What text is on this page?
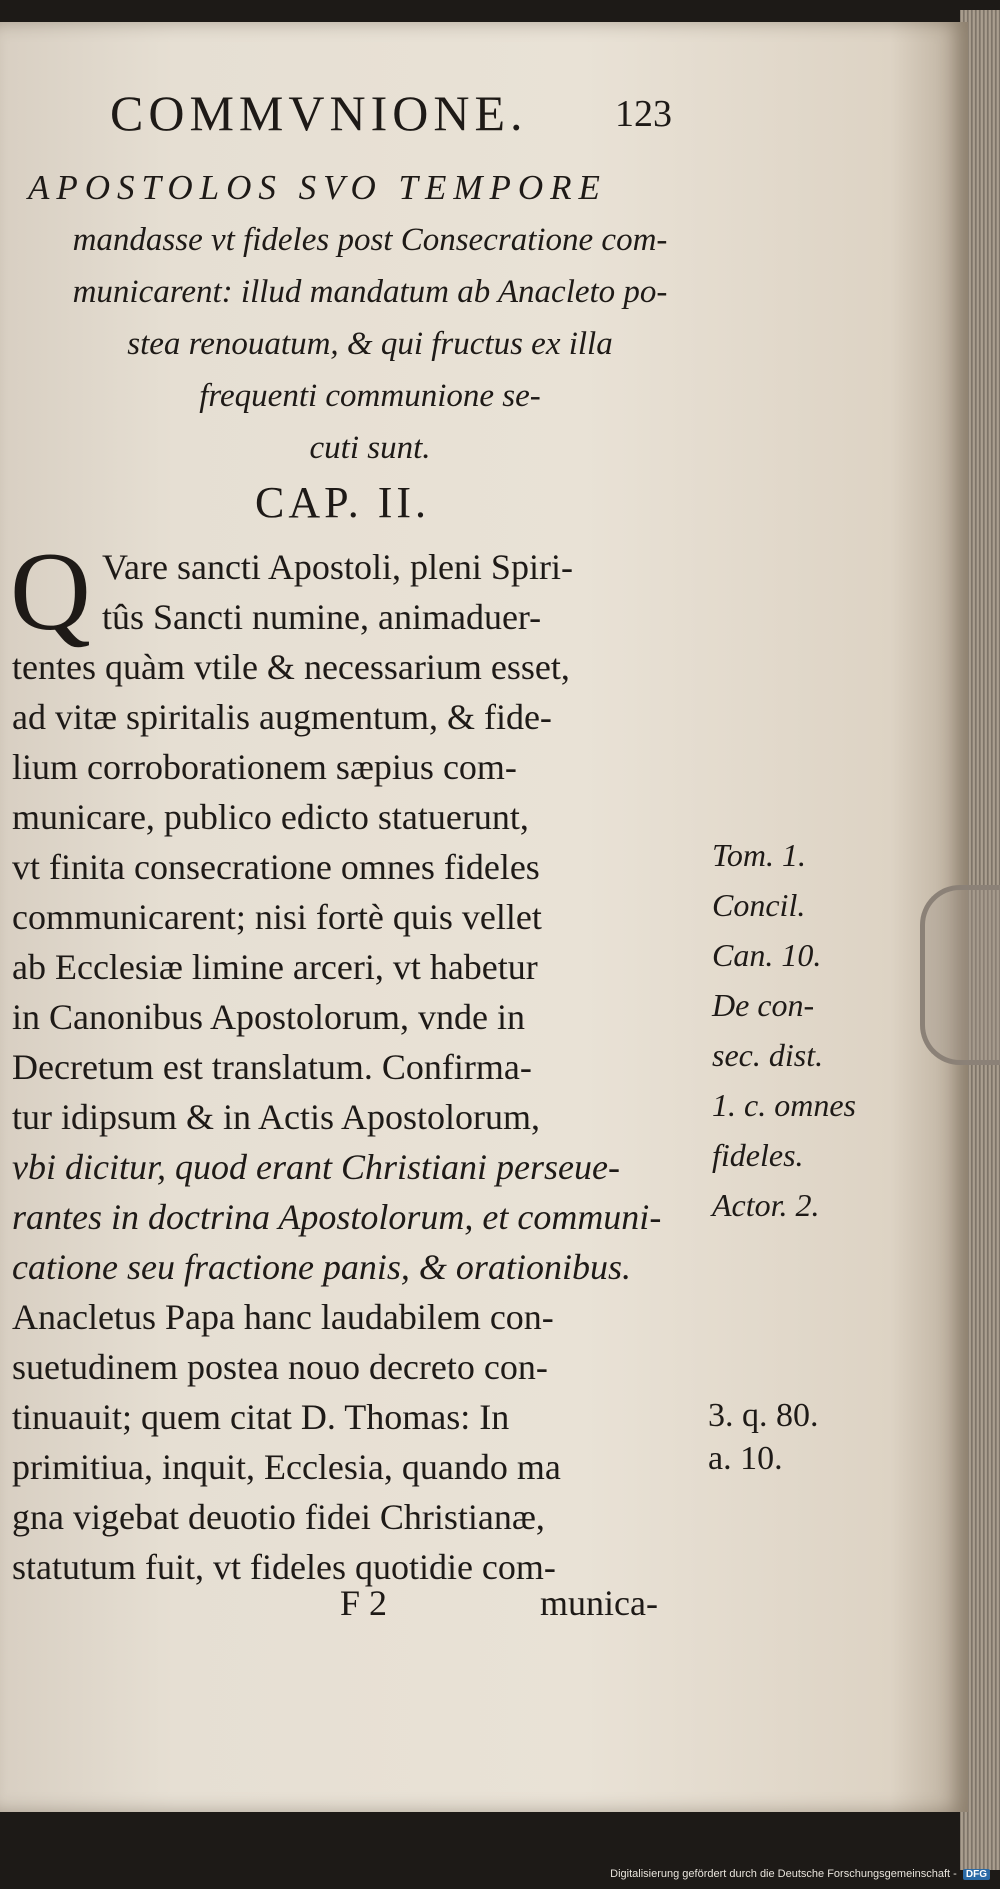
COMMVNIONE. 123
APOSTOLOS SVO TEMPORE
mandasse vt fideles post Consecratione com-
municarent: illud mandatum ab Anacleto po-
stea renouatum, & qui fructus ex illa
frequenti communione se-
cuti sunt.
CAP. II.
Q Vare sancti Apostoli, pleni Spiri-
tûs Sancti numine, animaduer-
tentes quàm vtile & necessarium esset,
ad vitæ spiritalis augmentum, & fide-
lium corroborationem sæpius com-
municare, publico edicto statuerunt,
vt finita consecratione omnes fideles
communicarent; nisi fortè quis vellet
ab Ecclesiæ limine arceri, vt habetur
in Canonibus Apostolorum, vnde in
Decretum est translatum. Confirma-
tur idipsum & in Actis Apostolorum,
vbi dicitur, quod erant Christiani perseue-
rantes in doctrina Apostolorum, et communi-
catione seu fractione panis, & orationibus.
Anacletus Papa hanc laudabilem con-
suetudinem postea nouo decreto con-
tinuauit; quem citat D. Thomas: In
primitiua, inquit, Ecclesia, quando ma
gna vigebat deuotio fidei Christianæ,
statutum fuit, vt fideles quotidie com-
Tom. 1.
Concil.
Can. 10.
De con-
sec. dist.
1. c. omnes
fideles.
Actor. 2.
3. q. 80.
a. 10.
F 2	munica-
Digitalisierung gefördert durch die Deutsche Forschungsgemeinschaft - DFG
